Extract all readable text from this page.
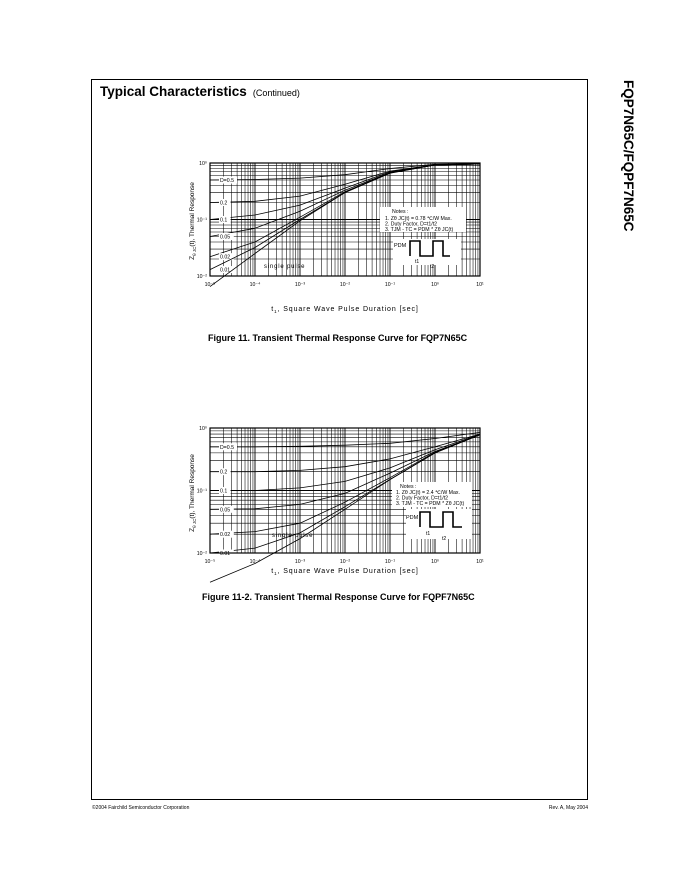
Typical Characteristics (Continued)	FQP7N65C/FQPF7N65C
D=0.5
0.2
0.1
0.05
0.02
0.01
10⁻⁵	10⁻⁴	10⁻³	10⁻²	10⁻¹	10⁰	10¹
10⁰
10⁻¹
10⁻²
$Z_{\theta JC}(t)$, Thermal Response
$t_1$, Square Wave Pulse Duration [sec]
Notes :
1. Zθ JC(t) = 0.78 ℃/W Max.
2. Duty Factor, D=t1/t2
3. TJM - TC = PDM * Zθ JC(t)
PDM
t1
t2
single pulse
Figure 11. Transient Thermal Response Curve for FQP7N65C
D=0.5
0.2
0.1
0.05
0.02
0.01
10⁻⁵	10⁻⁴	10⁻³	10⁻²	10⁻¹	10⁰	10¹
10⁰
10⁻¹
10⁻²
$Z_{\theta JC}(t)$, Thermal Response
$t_1$, Square Wave Pulse Duration [sec]
Notes :
1. Zθ JC(t) = 2.4 ℃/W Max.
2. Duty Factor, D=t1/t2
3. TJM - TC = PDM * Zθ JC(t)
PDM
t1
t2
single pulse
Figure 11-2. Transient Thermal Response Curve for FQPF7N65C
©2004 Fairchild Semiconductor Corporation	Rev. A, May 2004
